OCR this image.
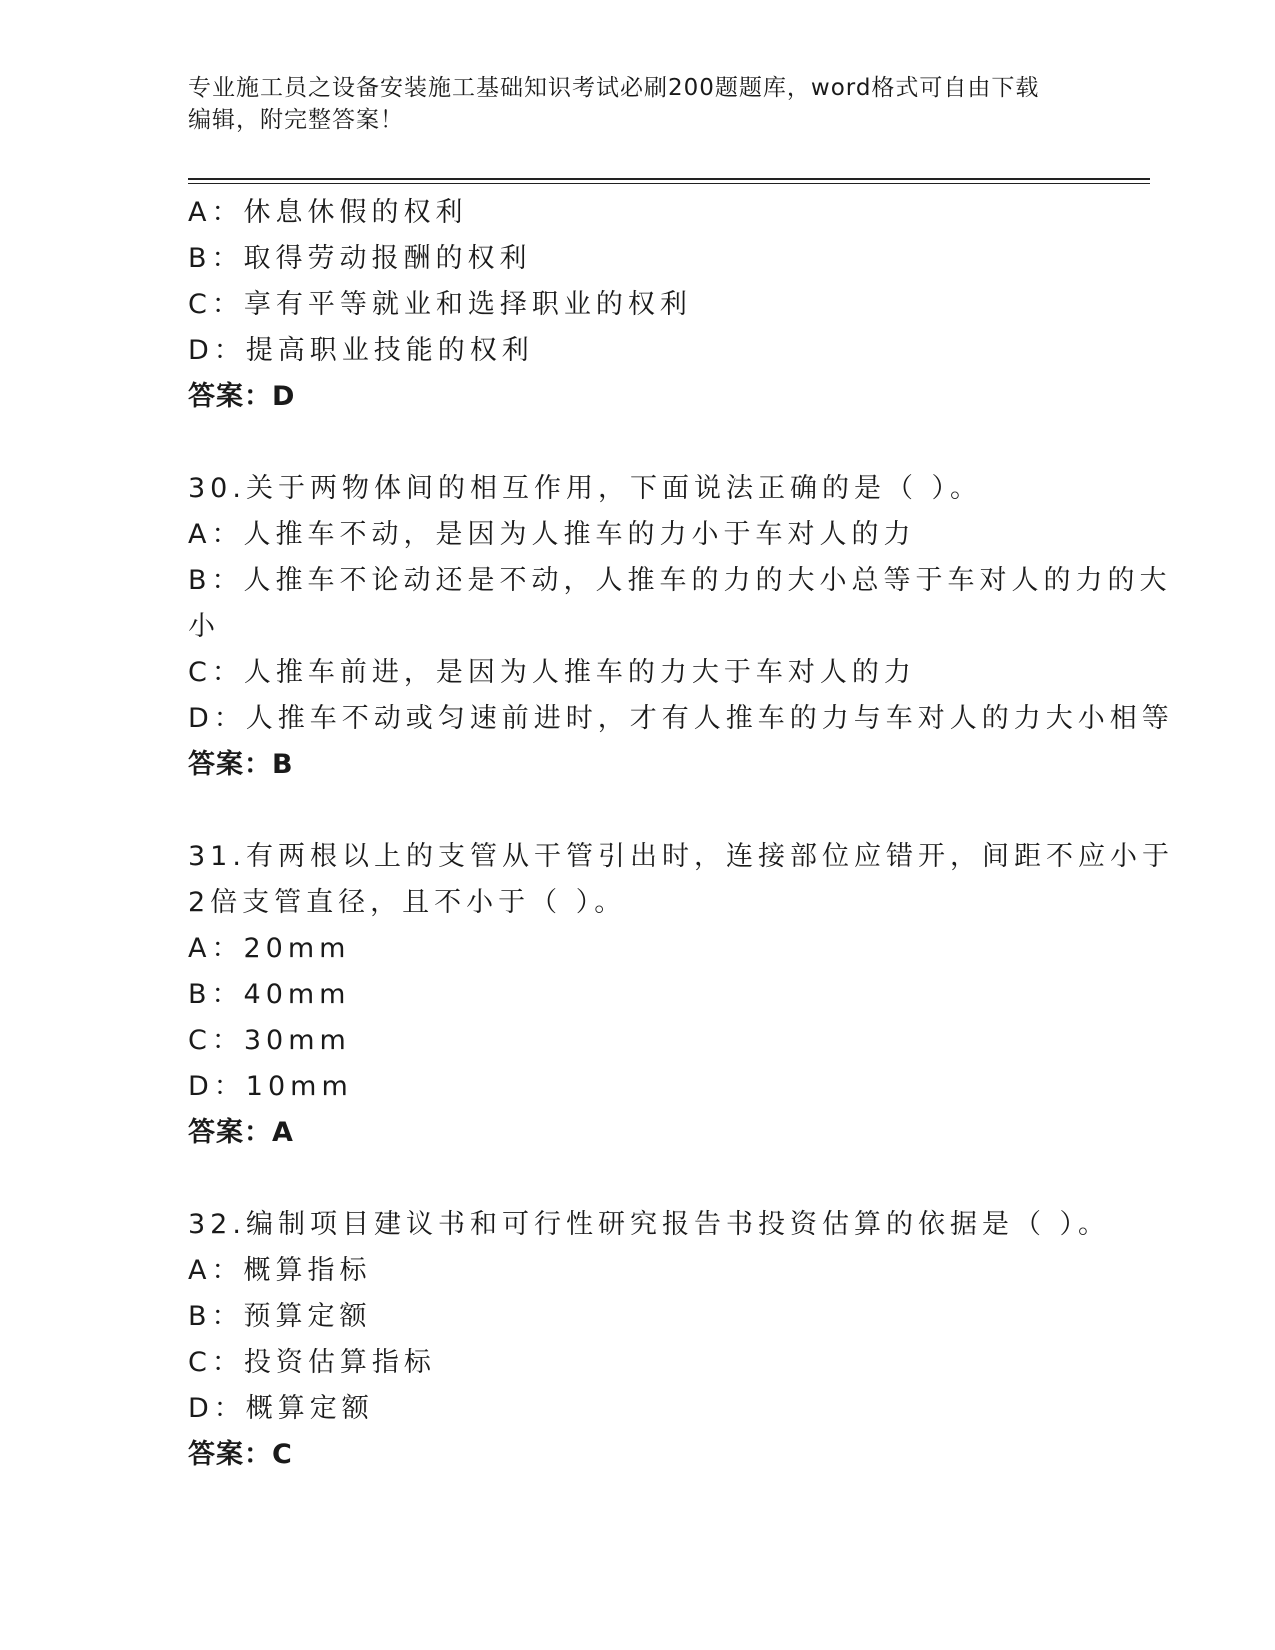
专业施工员之设备安装施工基础知识考试必刷200题题库，word格式可自由下载
编辑，附完整答案！
A：休息休假的权利
B：取得劳动报酬的权利
C：享有平等就业和选择职业的权利
D：提高职业技能的权利
答案：D
30.关于两物体间的相互作用，下面说法正确的是（ ）。
A：人推车不动，是因为人推车的力小于车对人的力
B：人推车不论动还是不动，人推车的力的大小总等于车对人的力的大
小
C：人推车前进，是因为人推车的力大于车对人的力
D：人推车不动或匀速前进时，才有人推车的力与车对人的力大小相等
答案：B
31.有两根以上的支管从干管引出时，连接部位应错开，间距不应小于
2倍支管直径，且不小于（ ）。
A：20mm
B：40mm
C：30mm
D：10mm
答案：A
32.编制项目建议书和可行性研究报告书投资估算的依据是（ ）。
A：概算指标
B：预算定额
C：投资估算指标
D：概算定额
答案：C
